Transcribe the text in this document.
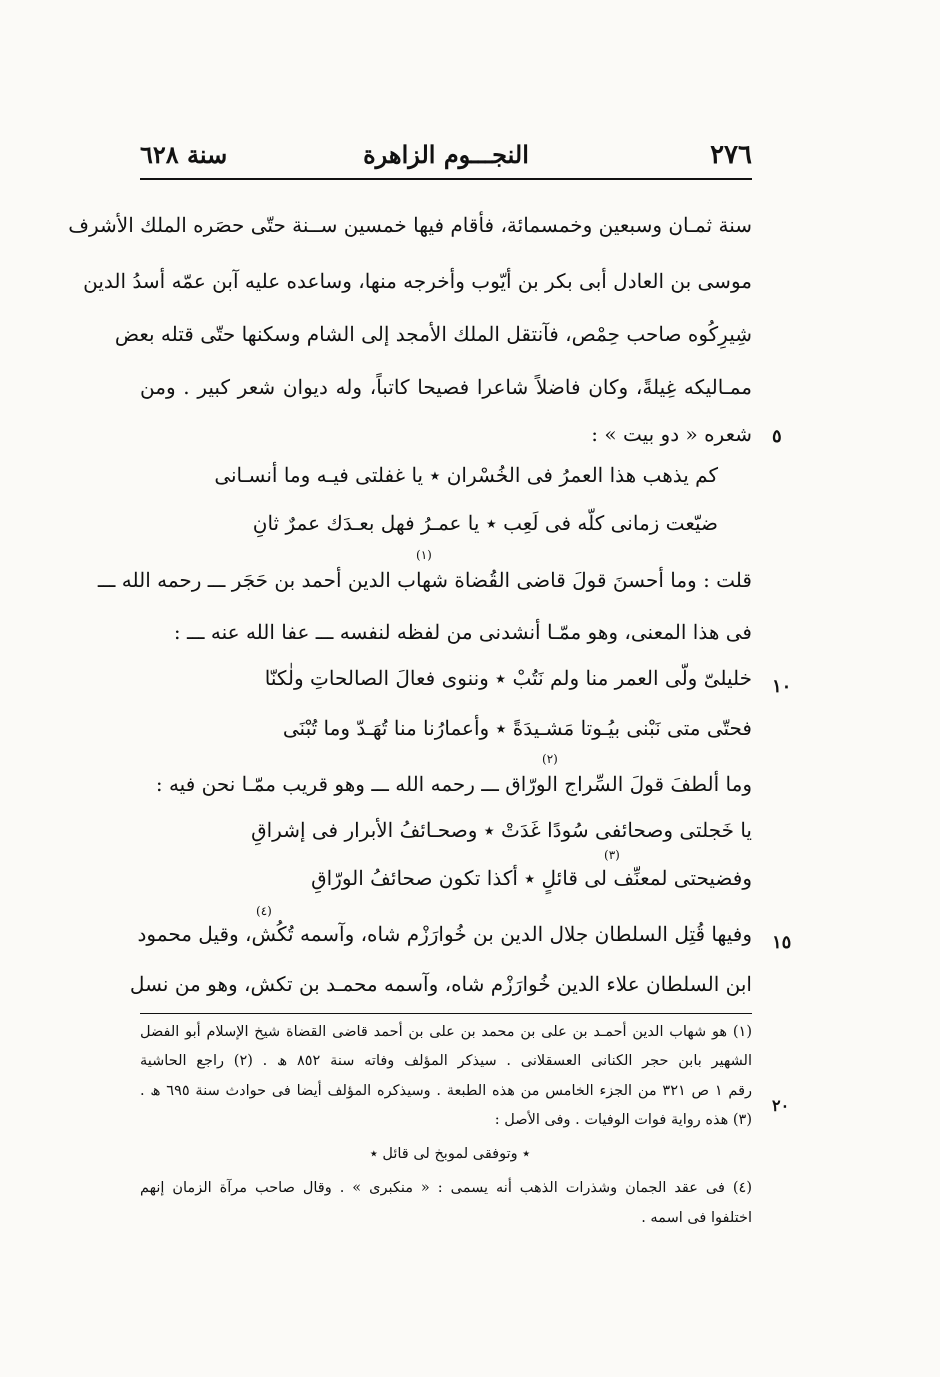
٢٧٦
النجـــوم الزاهرة
سنة ٦٢٨
سنة ثمـان وسبعين وخمسمائة، فأقام فيها خمسين ســنة حتّى حصَره الملك الأشرف
موسى بن العادل أبى بكر بن أيّوب وأخرجه منها، وساعده عليه آبن عمّه أسدُ الدين
شِيرِكُوه صاحب حِمْص، فآنتقل الملك الأمجد إلى الشام وسكنها حتّى قتله بعض
ممـاليكه غِيلةً، وكان فاضلاً شاعرا فصيحا كاتباً، وله ديوان شعر كبير . ومن
شعره « دو بيت » : ٥
كم يذهب هذا العمرُ فى الخُسْران ٭ يا غفلتى فيـه وما أنسـانى
ضيّعت زمانى كلّه فى لَعِب ٭ يا عمـرُ فهل بعـدَك عمرٌ ثانِ
قلت : وما أحسنَ قولَ قاضى القُضاة شهاب الدين أحمد بن حَجَر ـــ رحمه الله ـــ
(١)
فى هذا المعنى، وهو ممّـا أنشدنى من لفظه لنفسه ـــ عفا الله عنه ـــ :
خليلىّ ولّى العمر منا ولم نَتُبْ ٭ وننوى فعالَ الصالحاتِ ولٰكنّا ١٠
فحتّى متى نَبْنى بيُـوتا مَشـيدَةً ٭ وأعمارُنا منا تُهَـدّ وما تُبْنَى
وما ألطفَ قولَ السِّراج الورّاق ـــ رحمه الله ـــ وهو قريب ممّـا نحن فيه :
(٢)
يا خَجلتى وصحائفى سُودًا غَدَتْ ٭ وصحـائفُ الأبرار فى إشراقِ
وفضيحتى لمعنِّف لى قائلٍ ٭ أكذا تكون صحائفُ الورّاقِ
(٣)
وفيها قُتِل السلطان جلال الدين بن خُوارَزْم شاه، وآسمه تُكُش، وقيل محمود
(٤)
١٥
ابن السلطان علاء الدين خُوارَزْم شاه، وآسمه محمـد بن تكش، وهو من نسل
(١) هو شهاب الدين أحمـد بن على بن محمد بن على بن أحمد قاضى القضاة شيخ الإسلام أبو الفضل
الشهير بابن حجر الكنانى العسقلانى . سيذكر المؤلف وفاته سنة ٨٥٢ ھ . (٢) راجع الحاشية
رقم ١ ص ٣٢١ من الجزء الخامس من هذه الطبعة . وسيذكره المؤلف أيضا فى حوادث سنة ٦٩٥ ھ .
٢٠
(٣) هذه رواية فوات الوفيات . وفى الأصل :
٭ وتوفقى لموبخ لى قائل ٭
(٤) فى عقد الجمان وشذرات الذهب أنه يسمى : « منكبرى » . وقال صاحب مرآة الزمان إنهم
اختلفوا فى اسمه .
